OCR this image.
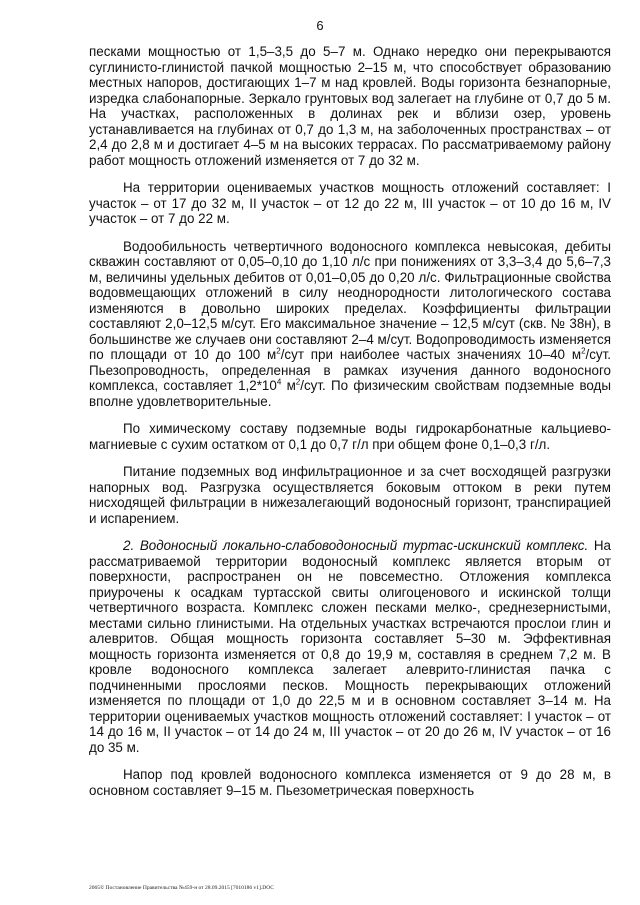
6

песками мощностью от 1,5–3,5 до 5–7 м. Однако нередко они перекрываются суглинисто-глинистой пачкой мощностью 2–15 м, что способствует образованию местных напоров, достигающих 1–7 м над кровлей. Воды горизонта безнапорные, изредка слабонапорные. Зеркало грунтовых вод залегает на глубине от 0,7 до 5 м. На участках, расположенных в долинах рек и вблизи озер, уровень устанавливается на глубинах от 0,7 до 1,3 м, на заболоченных пространствах – от 2,4 до 2,8 м и достигает 4–5 м на высоких террасах. По рассматриваемому району работ мощность отложений изменяется от 7 до 32 м.

На территории оцениваемых участков мощность отложений составляет: I участок – от 17 до 32 м, II участок – от 12 до 22 м, III участок – от 10 до 16 м, IV участок – от 7 до 22 м.

Водообильность четвертичного водоносного комплекса невысокая, дебиты скважин составляют от 0,05–0,10 до 1,10 л/с при понижениях от 3,3–3,4 до 5,6–7,3 м, величины удельных дебитов от 0,01–0,05 до 0,20 л/с. Фильтрационные свойства водовмещающих отложений в силу неоднородности литологического состава изменяются в довольно широких пределах. Коэффициенты фильтрации составляют 2,0–12,5 м/сут. Его максимальное значение – 12,5 м/сут (скв. № 38н), в большинстве же случаев они составляют 2–4 м/сут. Водопроводимость изменяется по площади от 10 до 100 $м^2$/сут при наиболее частых значениях 10–40 $м^2$/сут. Пьезопроводность, определенная в рамках изучения данного водоносного комплекса, составляет $1,2*10^4$ $м^2$/сут. По физическим свойствам подземные воды вполне удовлетворительные.

По химическому составу подземные воды гидрокарбонатные кальциево-магниевые с сухим остатком от 0,1 до 0,7 г/л при общем фоне 0,1–0,3 г/л.

Питание подземных вод инфильтрационное и за счет восходящей разгрузки напорных вод. Разгрузка осуществляется боковым оттоком в реки путем нисходящей фильтрации в нижезалегающий водоносный горизонт, транспирацией и испарением.

2. Водоносный локально-слабоводоносный туртас-искинский комплекс. На рассматриваемой территории водоносный комплекс является вторым от поверхности, распространен он не повсеместно. Отложения комплекса приурочены к осадкам туртасской свиты олигоценового и искинской толщи четвертичного возраста. Комплекс сложен песками мелко-, среднезернистыми, местами сильно глинистыми. На отдельных участках встречаются прослои глин и алевритов. Общая мощность горизонта составляет 5–30 м. Эффективная мощность горизонта изменяется от 0,8 до 19,9 м, составляя в среднем 7,2 м. В кровле водоносного комплекса залегает алеврито-глинистая пачка с подчиненными прослоями песков. Мощность перекрывающих отложений изменяется по площади от 1,0 до 22,5 м и в основном составляет 3–14 м. На территории оцениваемых участков мощность отложений составляет: I участок – от 14 до 16 м, II участок – от 14 до 24 м, III участок – от 20 до 26 м, IV участок – от 16 до 35 м.

Напор под кровлей водоносного комплекса изменяется от 9 до 28 м, в основном составляет 9–15 м. Пьезометрическая поверхность

2065© Постановление Правительства №459-н от 28.09.2015 [7010186 v1].DOC
